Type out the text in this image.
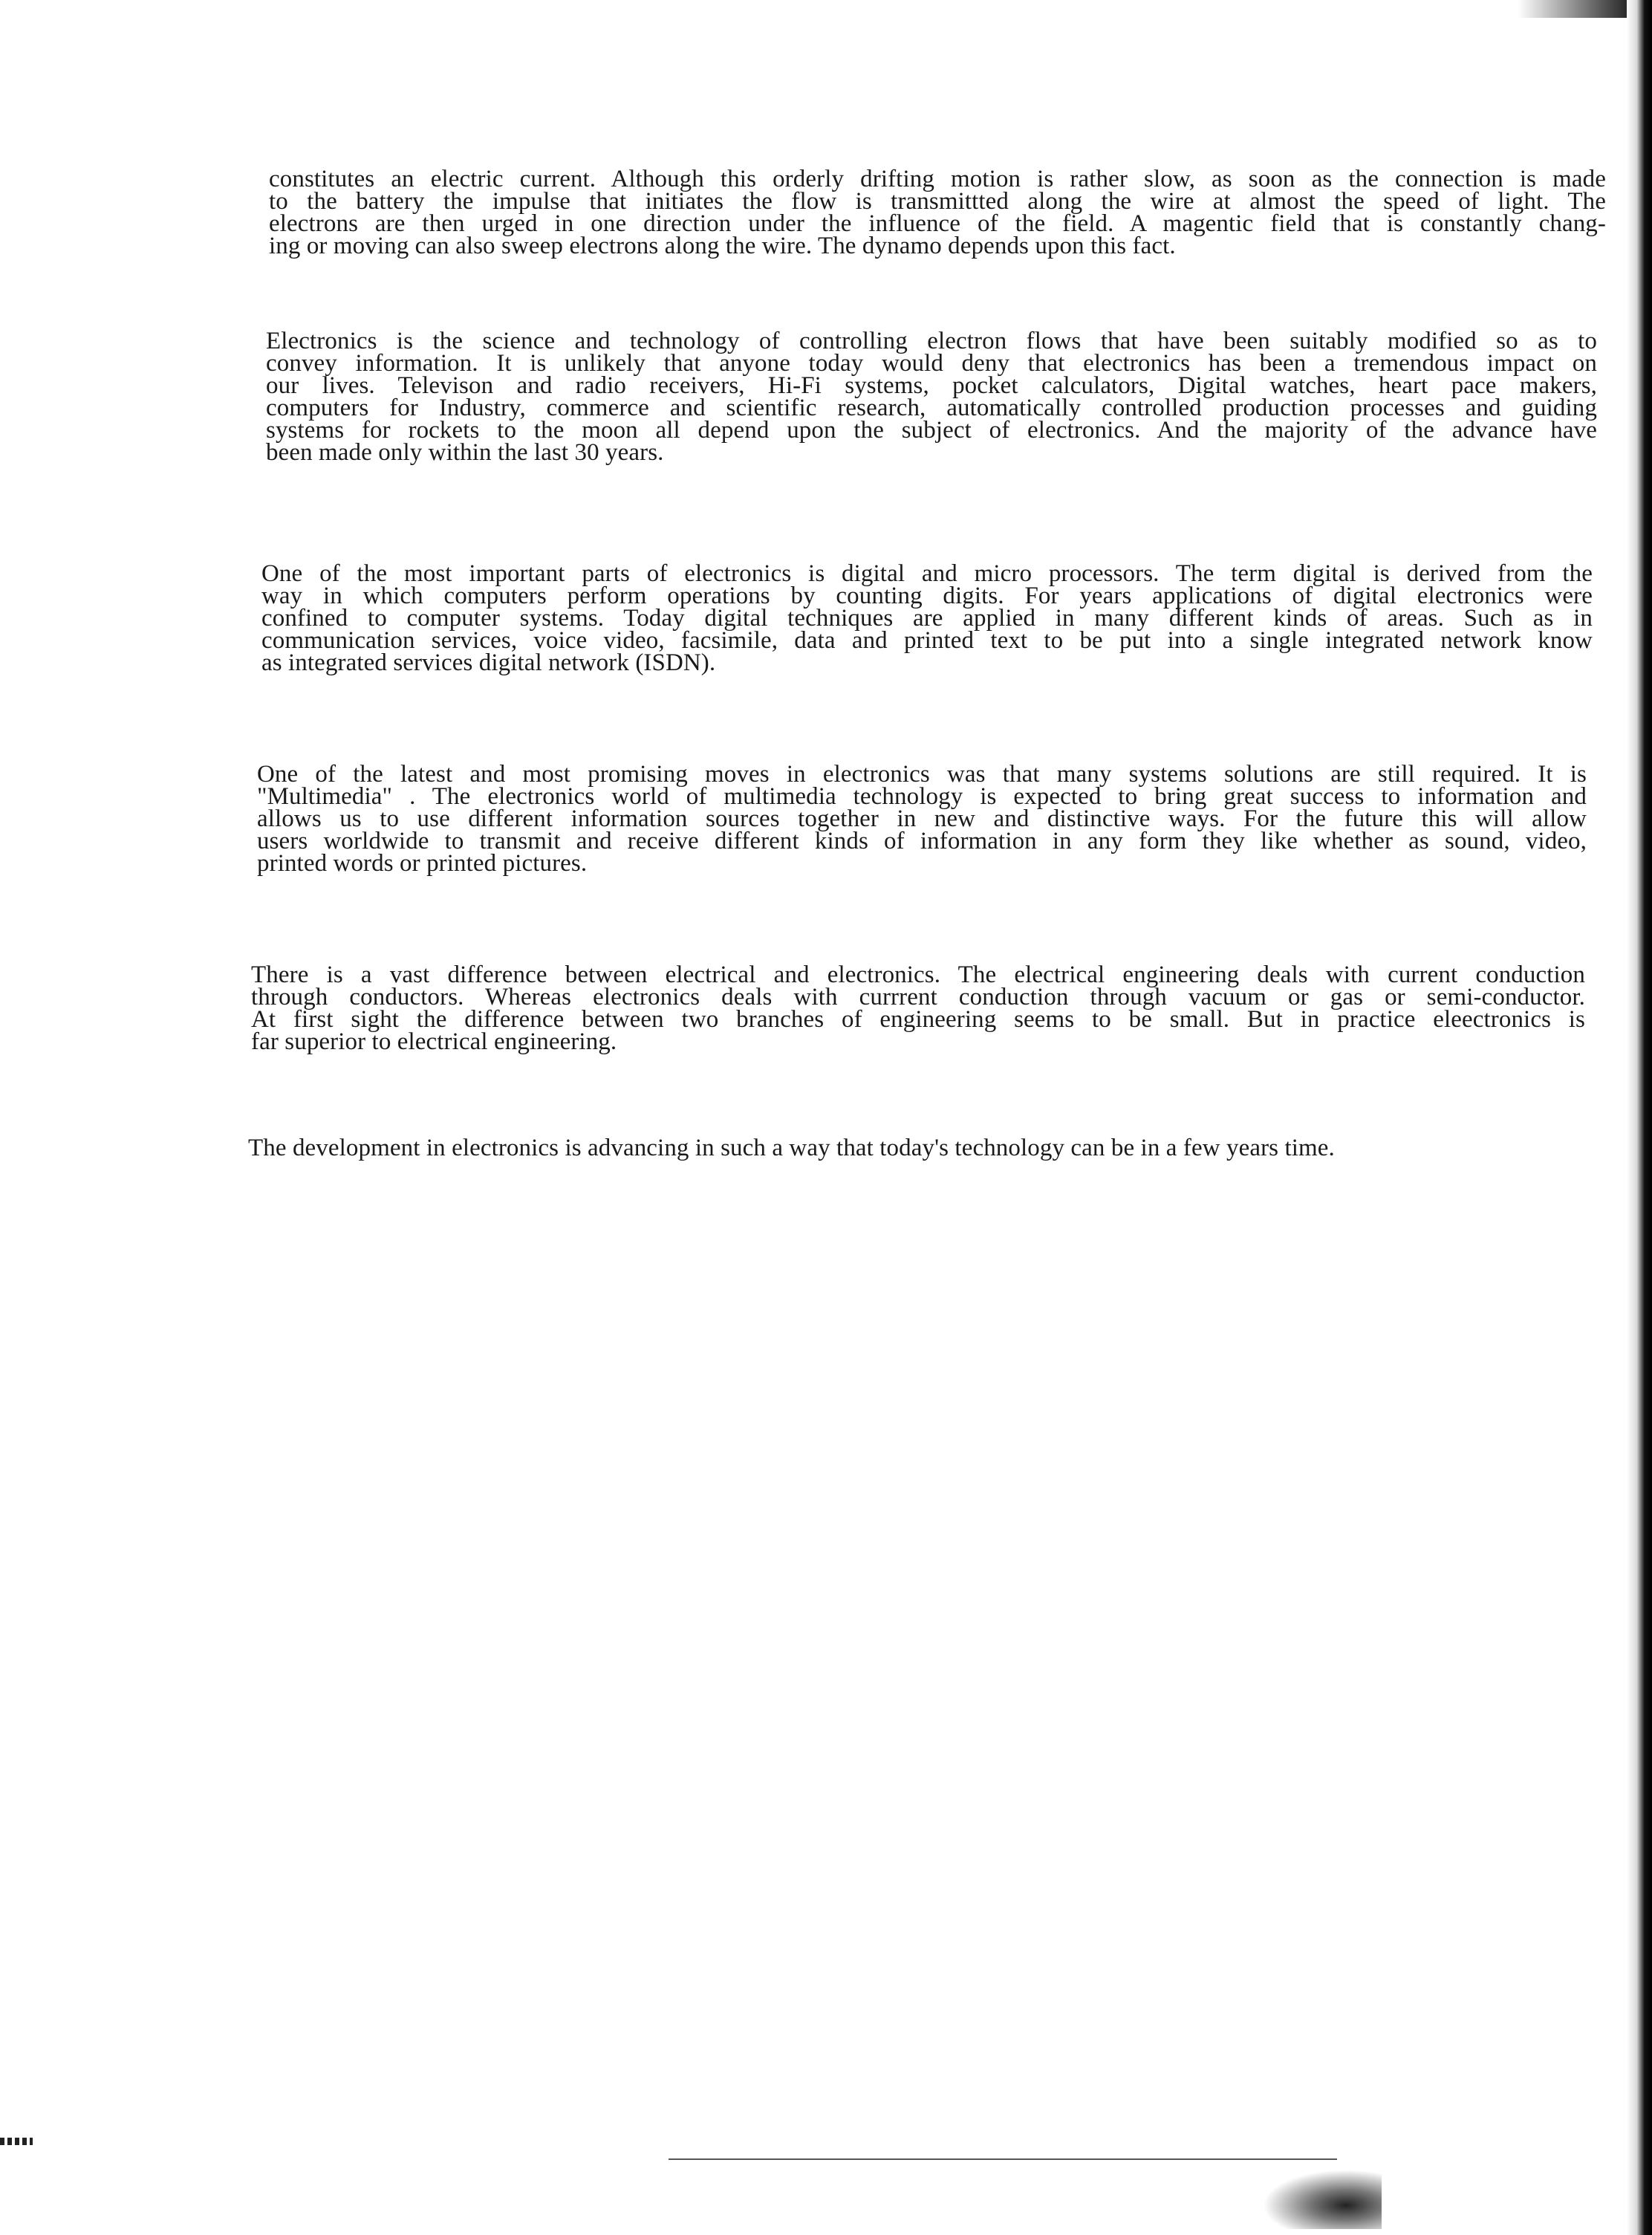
constitutes an electric current. Although this orderly drifting motion is rather slow, as soon as the connection is made
to the battery the impulse that initiates the flow is transmittted along the wire at almost the speed of light. The
electrons are then urged in one direction under the influence of the field. A magentic field that is constantly chang-
ing or moving can also sweep electrons along the wire. The dynamo depends upon this fact.
Electronics is the science and technology of controlling electron flows that have been suitably modified so as to
convey information. It is unlikely that anyone today would deny that electronics has been a tremendous impact on
our lives. Televison and radio receivers, Hi-Fi systems, pocket calculators, Digital watches, heart pace makers,
computers for Industry, commerce and scientific research, automatically controlled production processes and guiding
systems for rockets to the moon all depend upon the subject of electronics. And the majority of the advance have
been made only within the last 30 years.
One of the most important parts of electronics is digital and micro processors. The term digital is derived from the
way in which computers perform operations by counting digits. For years applications of digital electronics were
confined to computer systems. Today digital techniques are applied in many different kinds of areas. Such as in
communication services, voice video, facsimile, data and printed text to be put into a single integrated network know
as integrated services digital network (ISDN).
One of the latest and most promising moves in electronics was that many systems solutions are still required. It is
"Multimedia" . The electronics world of multimedia technology is expected to bring great success to information and
allows us to use different information sources together in new and distinctive ways. For the future this will allow
users worldwide to transmit and receive different kinds of information in any form they like whether as sound, video,
printed words or printed pictures.
There is a vast difference between electrical and electronics. The electrical engineering deals with current conduction
through conductors. Whereas electronics deals with currrent conduction through vacuum or gas or semi-conductor.
At first sight the difference between two branches of engineering seems to be small. But in practice eleectronics is
far superior to electrical engineering.
The development in electronics is advancing in such a way that today's technology can be in a few years time.
